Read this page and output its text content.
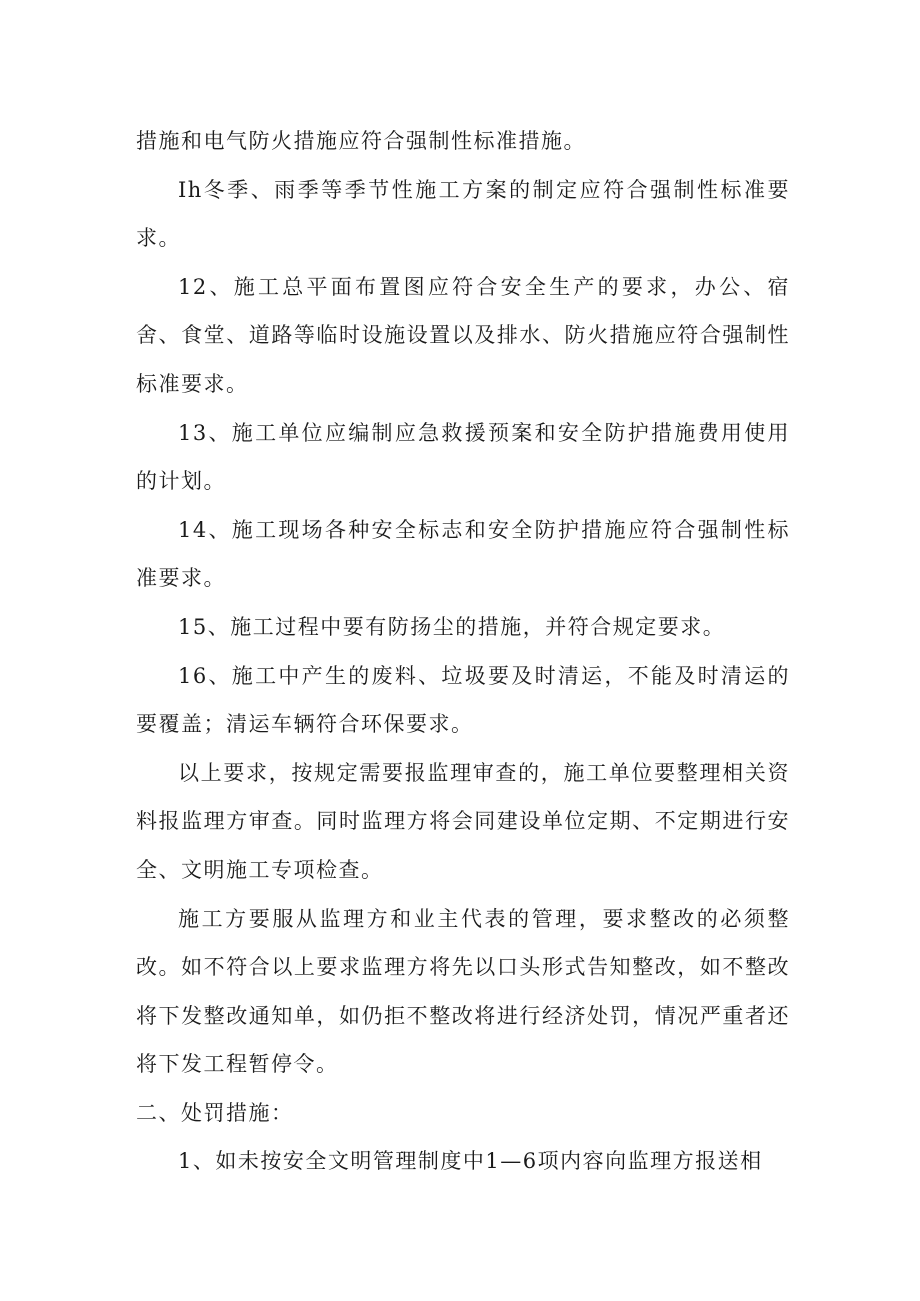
措施和电气防火措施应符合强制性标准措施。

Ih冬季、雨季等季节性施工方案的制定应符合强制性标准要求。

12、施工总平面布置图应符合安全生产的要求，办公、宿舍、食堂、道路等临时设施设置以及排水、防火措施应符合强制性标准要求。

13、施工单位应编制应急救援预案和安全防护措施费用使用的计划。

14、施工现场各种安全标志和安全防护措施应符合强制性标准要求。

15、施工过程中要有防扬尘的措施，并符合规定要求。

16、施工中产生的废料、垃圾要及时清运，不能及时清运的要覆盖；清运车辆符合环保要求。

以上要求，按规定需要报监理审查的，施工单位要整理相关资料报监理方审查。同时监理方将会同建设单位定期、不定期进行安全、文明施工专项检查。

施工方要服从监理方和业主代表的管理，要求整改的必须整改。如不符合以上要求监理方将先以口头形式告知整改，如不整改将下发整改通知单，如仍拒不整改将进行经济处罚，情况严重者还将下发工程暂停令。

二、处罚措施：

1、如未按安全文明管理制度中1—6项内容向监理方报送相
